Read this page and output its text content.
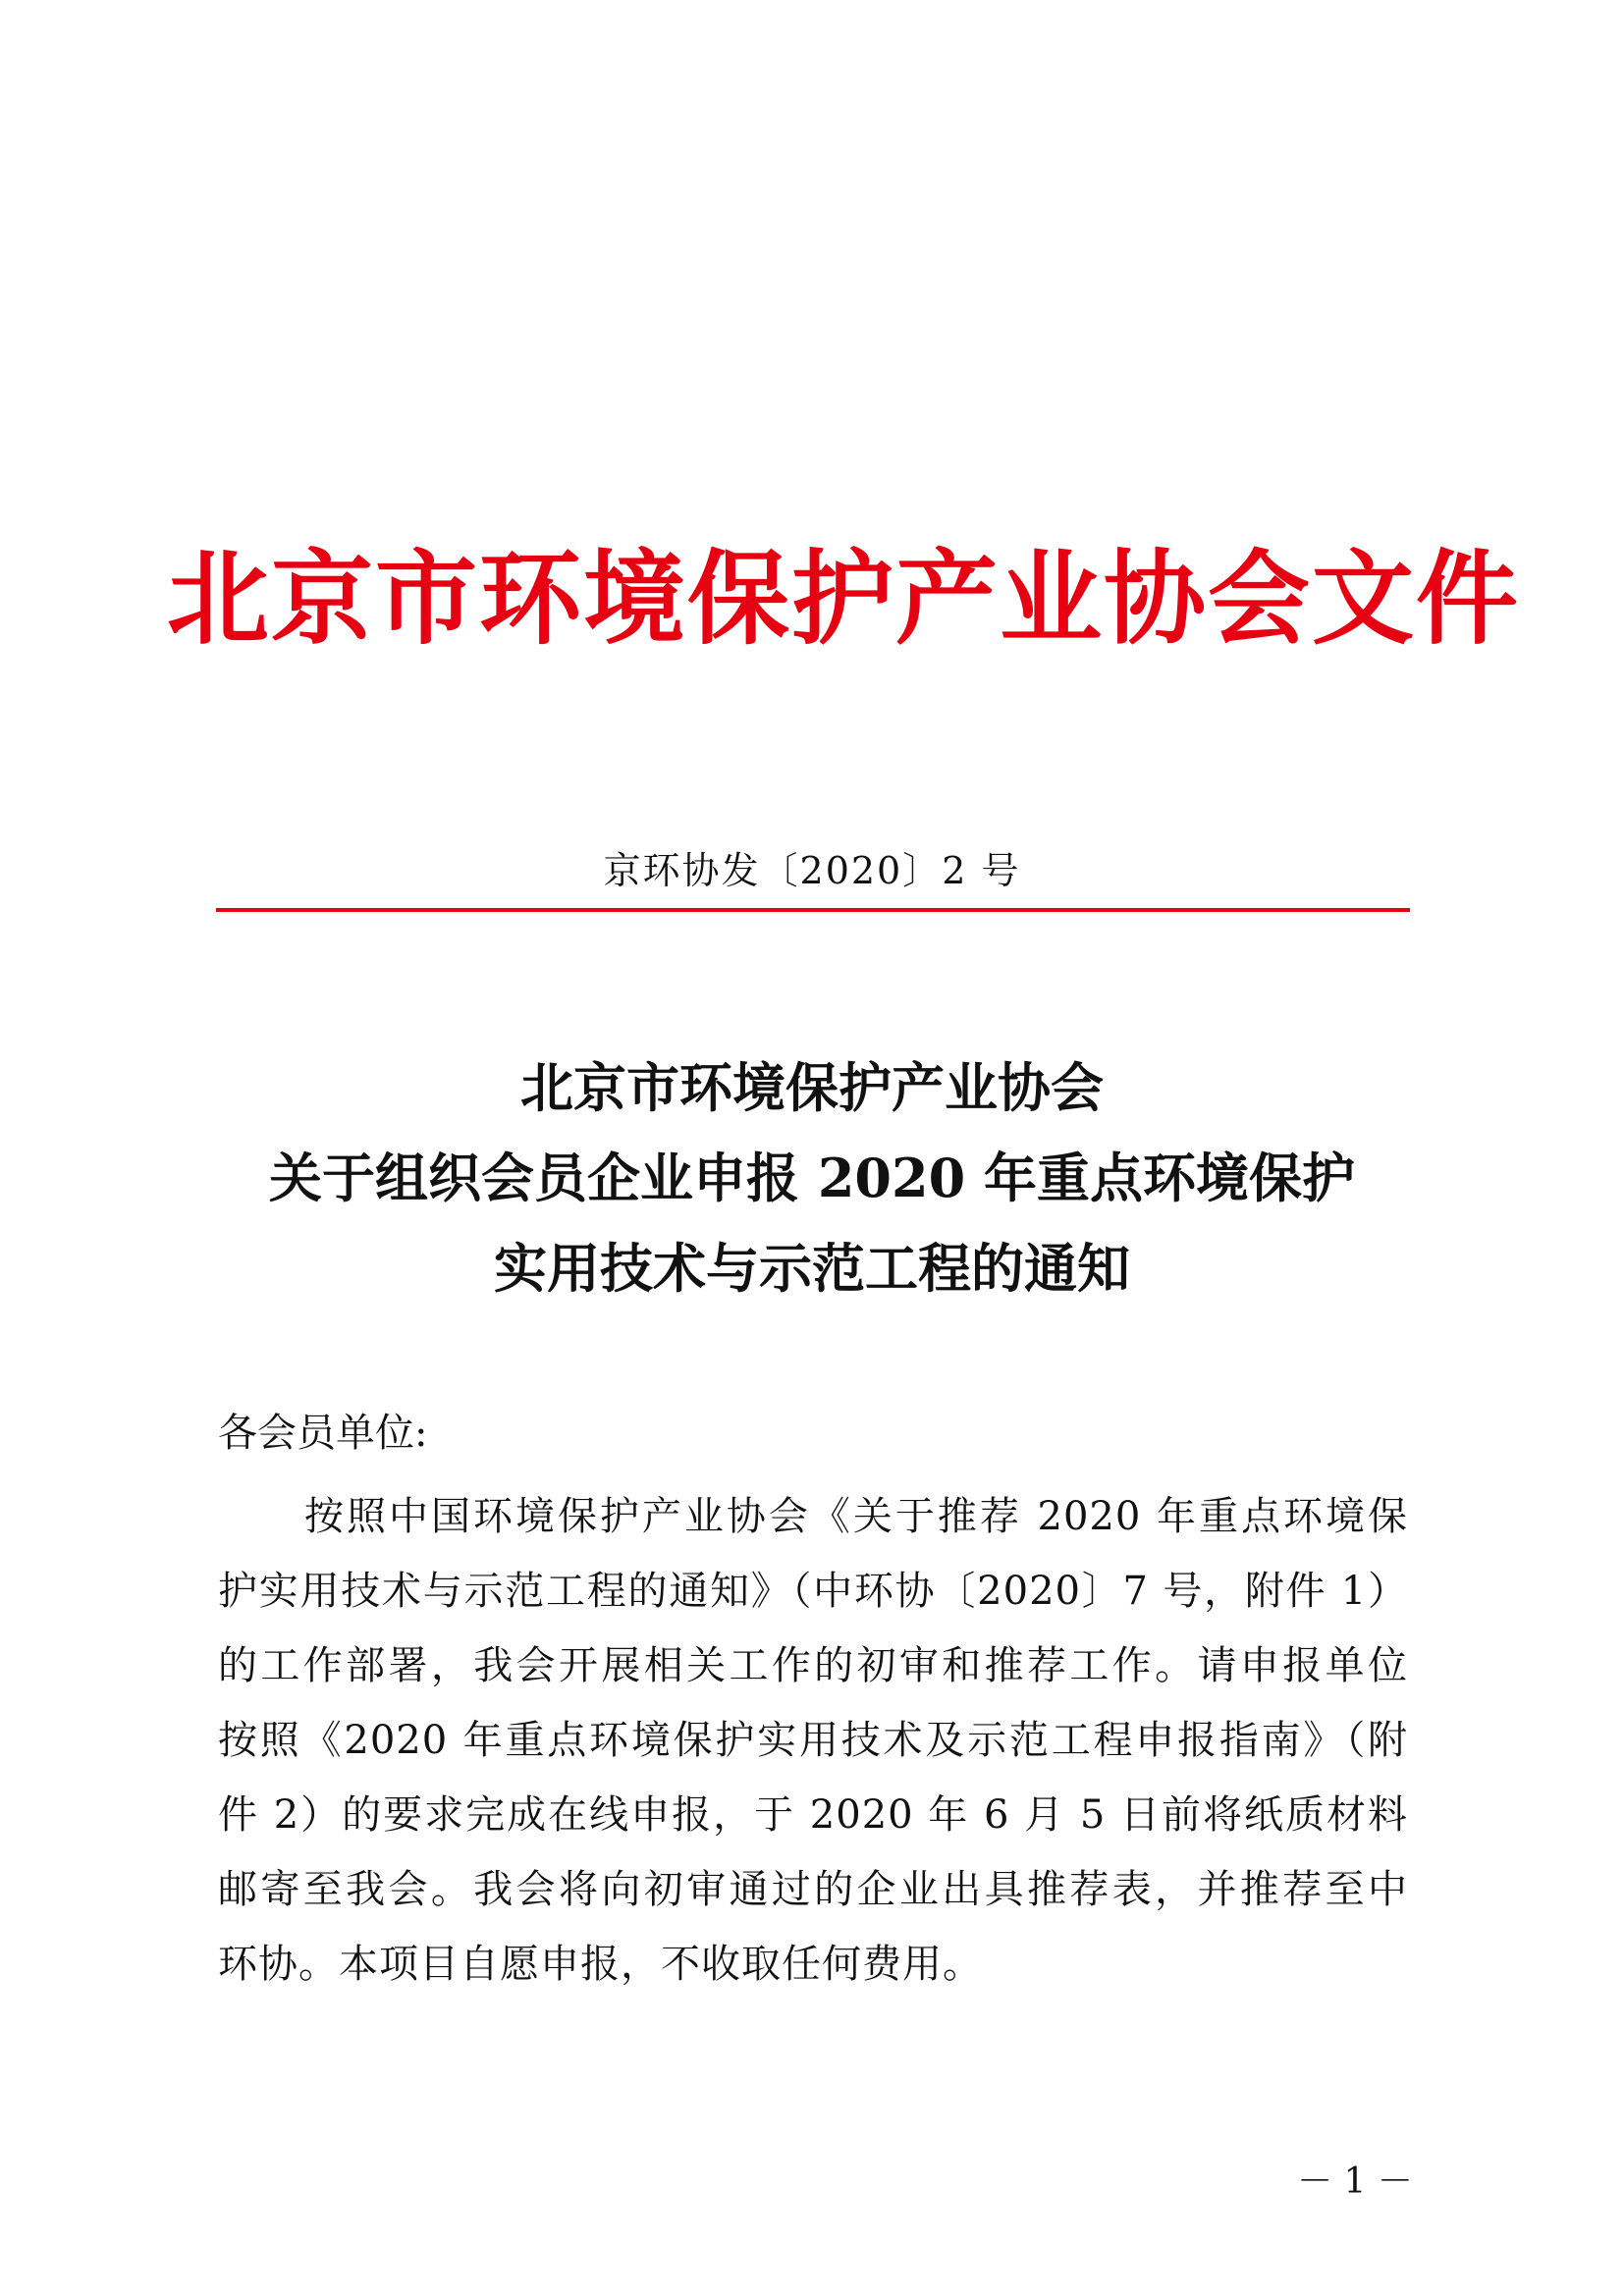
北京市环境保护产业协会文件
京环协发〔2020〕2 号
北京市环境保护产业协会
关于组织会员企业申报 2020 年重点环境保护
实用技术与示范工程的通知
各会员单位:
按照中国环境保护产业协会《关于推荐 2020 年重点环境保
护实用技术与示范工程的通知》（中环协〔2020〕7 号，附件 1）
的工作部署，我会开展相关工作的初审和推荐工作。请申报单位
按照《2020 年重点环境保护实用技术及示范工程申报指南》（附
件 2）的要求完成在线申报，于 2020 年 6 月 5 日前将纸质材料
邮寄至我会。我会将向初审通过的企业出具推荐表，并推荐至中
环协。本项目自愿申报，不收取任何费用。
－ 1 －
